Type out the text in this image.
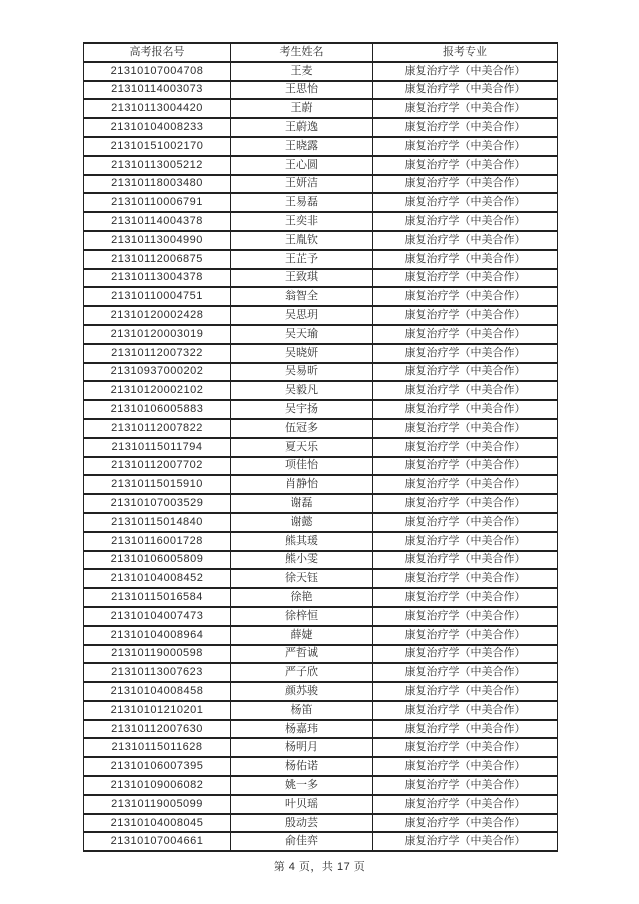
高考报名号	考生姓名	报考专业
21310107004708	王麦	康复治疗学（中美合作）
21310114003073	王思怡	康复治疗学（中美合作）
21310113004420	王蔚	康复治疗学（中美合作）
21310104008233	王蔚逸	康复治疗学（中美合作）
21310151002170	王晓露	康复治疗学（中美合作）
21310113005212	王心圆	康复治疗学（中美合作）
21310118003480	王妍洁	康复治疗学（中美合作）
21310110006791	王易磊	康复治疗学（中美合作）
21310114004378	王奕非	康复治疗学（中美合作）
21310113004990	王胤钦	康复治疗学（中美合作）
21310112006875	王芷予	康复治疗学（中美合作）
21310113004378	王致琪	康复治疗学（中美合作）
21310110004751	翁智全	康复治疗学（中美合作）
21310120002428	吴思玥	康复治疗学（中美合作）
21310120003019	吴天瑜	康复治疗学（中美合作）
21310112007322	吴晓妍	康复治疗学（中美合作）
21310937000202	吴易昕	康复治疗学（中美合作）
21310120002102	吴毅凡	康复治疗学（中美合作）
21310106005883	吴宇扬	康复治疗学（中美合作）
21310112007822	伍冠多	康复治疗学（中美合作）
21310115011794	夏天乐	康复治疗学（中美合作）
21310112007702	项佳怡	康复治疗学（中美合作）
21310115015910	肖静怡	康复治疗学（中美合作）
21310107003529	谢磊	康复治疗学（中美合作）
21310115014840	谢懿	康复治疗学（中美合作）
21310116001728	熊其瑗	康复治疗学（中美合作）
21310106005809	熊小雯	康复治疗学（中美合作）
21310104008452	徐天钰	康复治疗学（中美合作）
21310115016584	徐艳	康复治疗学（中美合作）
21310104007473	徐梓恒	康复治疗学（中美合作）
21310104008964	薛婕	康复治疗学（中美合作）
21310119000598	严哲诚	康复治疗学（中美合作）
21310113007623	严子欣	康复治疗学（中美合作）
21310104008458	颜苏骏	康复治疗学（中美合作）
21310101210201	杨笛	康复治疗学（中美合作）
21310112007630	杨嘉玮	康复治疗学（中美合作）
21310115011628	杨明月	康复治疗学（中美合作）
21310106007395	杨佑诺	康复治疗学（中美合作）
21310109006082	姚一多	康复治疗学（中美合作）
21310119005099	叶贝瑶	康复治疗学（中美合作）
21310104008045	殷动芸	康复治疗学（中美合作）
21310107004661	俞佳弈	康复治疗学（中美合作）
第 4 页，共 17 页
